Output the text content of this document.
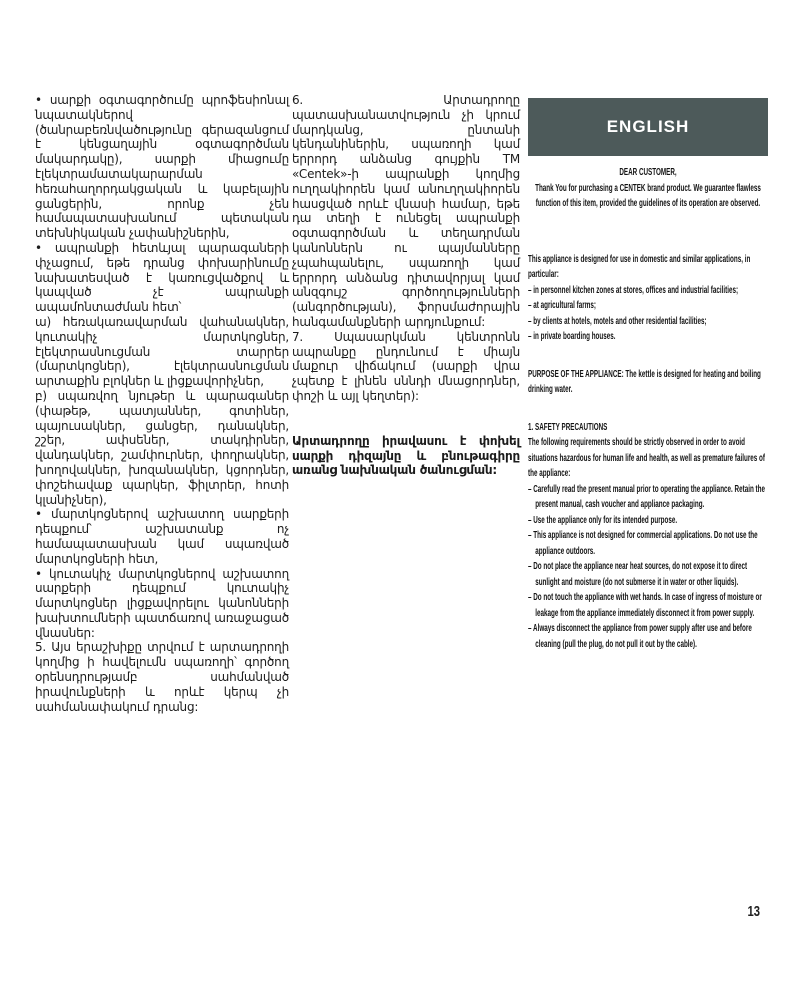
• սարքի օգտագործումը պրոֆեսիոնալ նպատակներով (ծանրաբեռնվածությունը գերազանցում է կենցաղային օգտագործման մակարդակը), սարքի միացումը էլեկտրամատակարարման հեռահաղորդակցական և կաբելային ցանցերին, որոնք չեն համապատասխանում պետական տեխնիկական չափանիշներին,

• ապրանքի հետևյալ պարագաների փչացում, եթե դրանց փոխարինումը նախատեսված է կառուցվածքով և կապված չէ ապրանքի ապամոնտաժման հետ՝

ա) հեռակառավարման վահանակներ, կուտակիչ մարտկոցներ, էլեկտրասնուցման տարրեր (մարտկոցներ), էլեկտրասնուցման արտաքին բլոկներ և լիցքավորիչներ,

բ) սպառվող նյութեր և պարագաներ (փաթեթ, պատյաններ, գոտիներ, պայուսակներ, ցանցեր, դանակներ, շշեր, ափսեներ, տակդիրներ, վանդակներ, շամփուրներ, փողրակներ, խողովակներ, խոզանակներ, կցորդներ, փոշեհավաք պարկեր, ֆիլտրեր, հոտի կլանիչներ),

• մարտկոցներով աշխատող սարքերի դեպքում՝ աշխատանք ոչ համապատասխան կամ սպառված մարտկոցների հետ,

• կուտակիչ մարտկոցներով աշխատող սարքերի դեպքում կուտակիչ մարտկոցներ լիցքավորելու կանոնների խախտումների պատճառով առաջացած վնասներ:

5. Այս երաշխիքը տրվում է արտադրողի կողմից ի հավելումն սպառողի՝ գործող օրենսդրությամբ սահմանված իրավունքների և որևէ կերպ չի սահմանափակում դրանց:

6. Արտադրողը պատասխանատվություն չի կրում մարդկանց, ընտանի կենդանիներին, սպառողի կամ երրորդ անձանց գույքին TM «Centek»-ի ապրանքի կողմից ուղղակիորեն կամ անուղղակիորեն հասցված որևէ վնասի համար, եթե դա տեղի է ունեցել ապրանքի օգտագործման և տեղադրման կանոններն ու պայմանները չպահպանելու, սպառողի կամ երրորդ անձանց դիտավորյալ կամ անզգույշ գործողությունների (անգործության), ֆորսմաժորային հանգամանքների արդյունքում:

7. Սպասարկման կենտրոնն ապրանքը ընդունում է միայն մաքուր վիճակում (սարքի վրա չպետք է լինեն սննդի մնացորդներ, փոշի և այլ կեղտեր):

Արտադրողը իրավասու է փոխել սարքի դիզայնը և բնութագիրը առանց նախնական ծանուցման:

ENGLISH

DEAR CUSTOMER,

Thank You for purchasing a CENTEK brand product. We guarantee flawless function of this item, provided the guidelines of its operation are observed.

This appliance is designed for use in domestic and similar applications, in particular:

– in personnel kitchen zones at stores, offices and industrial facilities;

– at agricultural farms;

– by clients at hotels, motels and other residential facilities;

– in private boarding houses.

PURPOSE OF THE APPLIANCE: The kettle is designed for heating and boiling drinking water.

1. SAFETY PRECAUTIONS

The following requirements should be strictly observed in order to avoid situations hazardous for human life and health, as well as premature failures of the appliance:

– Carefully read the present manual prior to operating the appliance. Retain the present manual, cash voucher and appliance packaging.

– Use the appliance only for its intended purpose.

– This appliance is not designed for commercial applications. Do not use the appliance outdoors.

– Do not place the appliance near heat sources, do not expose it to direct sunlight and moisture (do not submerse it in water or other liquids).

– Do not touch the appliance with wet hands. In case of ingress of moisture or leakage from the appliance immediately disconnect it from power supply.

– Always disconnect the appliance from power supply after use and before cleaning (pull the plug, do not pull it out by the cable).

13
